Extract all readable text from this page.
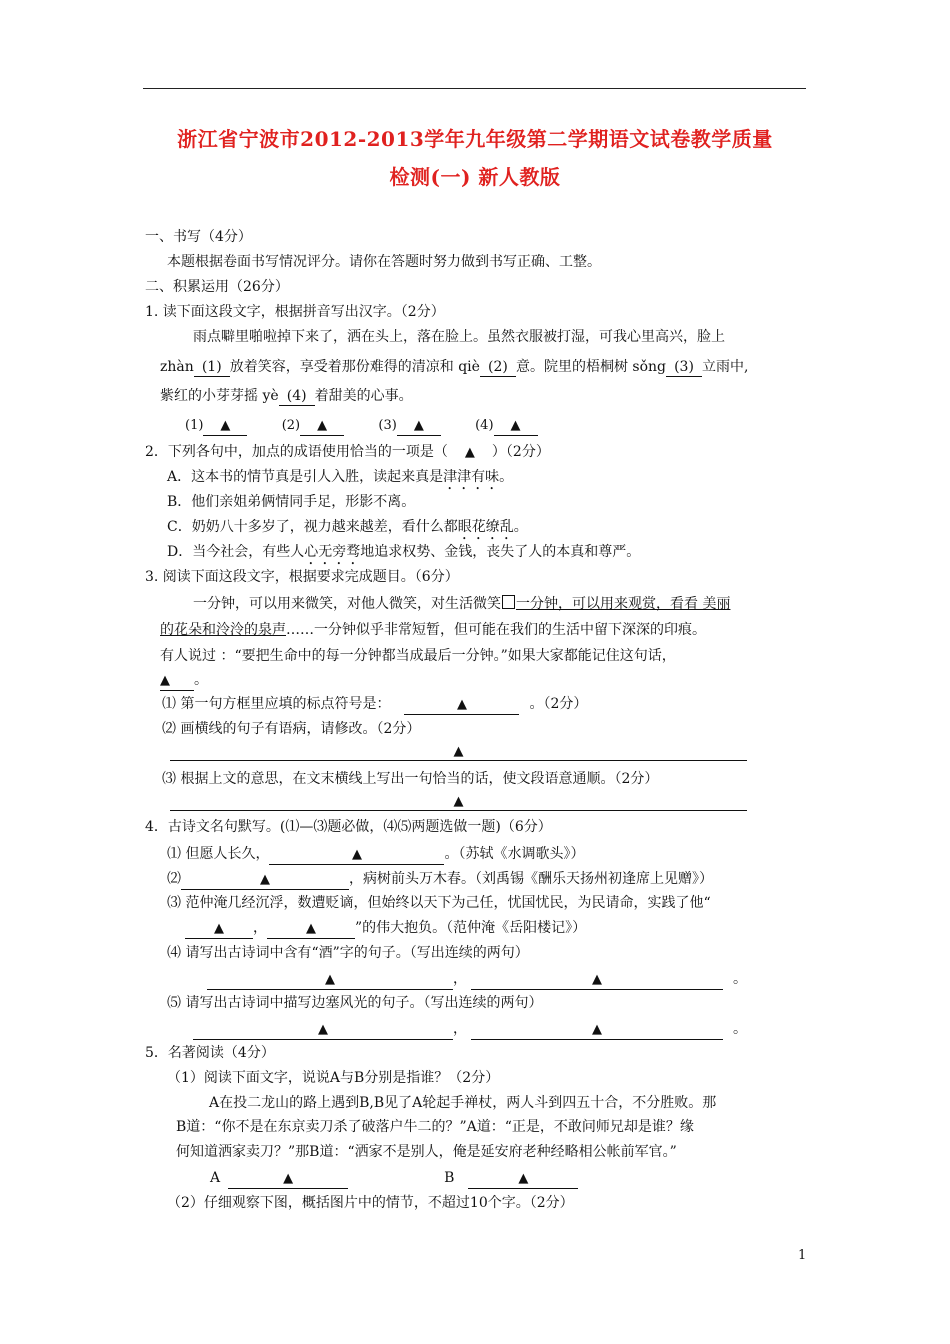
浙江省宁波市2012-2013学年九年级第二学期语文试卷教学质量
检测(一) 新人教版
一、书写（4分）
本题根据卷面书写情况评分。请你在答题时努力做到书写正确、工整。
二、积累运用（26分）
1. 读下面这段文字，根据拼音写出汉字。（2分）
雨点噼里啪啦掉下来了，洒在头上，落在脸上。虽然衣服被打湿，可我心里高兴，脸上
zhàn (1) 放着笑容，享受着那份难得的清凉和 qiè (2) 意。院里的梧桐树 sǒng (3) 立雨中,
紫红的小芽芽摇 yè (4) 着甜美的心事。
(1) ▲	(2) ▲	(3) ▲	(4) ▲
2．下列各句中，加点的成语使用恰当的一项是（ ▲ ）（2分）
A．这本书的情节真是引人入胜，读起来真是津津有味。
B．他们亲姐弟俩情同手足，形影不离。
C．奶奶八十多岁了，视力越来越差，看什么都眼花缭乱。
D．当今社会，有些人心无旁骛地追求权势、金钱，丧失了人的本真和尊严。
3. 阅读下面这段文字，根据要求完成题目。（6分）
一分钟，可以用来微笑，对他人微笑，对生活微笑 一分钟，可以用来观赏，看看 美丽
的花朵和泠泠的泉声……一分钟似乎非常短暂，但可能在我们的生活中留下深深的印痕。
有人说过 ：“要把生命中的每一分钟都当成最后一分钟。”如果大家都能记住这句话，
▲ 。
⑴ 第一句方框里应填的标点符号是：	▲	。（2分）
⑵ 画横线的句子有语病，请修改。（2分）
▲
⑶ 根据上文的意思，在文末横线上写出一句恰当的话，使文段语意通顺。（2分）
▲
4．古诗文名句默写。(⑴—⑶题必做，⑷⑸两题选做一题)（6分）
⑴ 但愿人长久，	▲	。（苏轼《水调歌头》）
⑵	▲	，病树前头万木春。（刘禹锡《酬乐天扬州初逢席上见赠》）
⑶ 范仲淹几经沉浮，数遭贬谪，但始终以天下为己任，忧国忧民，为民请命，实践了他“
▲ ，	▲	”的伟大抱负。（范仲淹《岳阳楼记》）
⑷ 请写出古诗词中含有“酒”字的句子。（写出连续的两句）
▲	，	▲	。
⑸ 请写出古诗词中描写边塞风光的句子。（写出连续的两句）
▲	，	▲	。
5．名著阅读（4分）
（1）阅读下面文字，说说A与B分别是指谁？（2分）
A在投二龙山的路上遇到B,B见了A轮起手禅杖，两人斗到四五十合，不分胜败。那
B道：“你不是在东京卖刀杀了破落户牛二的？”A道：“正是，不敢问师兄却是谁？缘
何知道洒家卖刀？”那B道：“洒家不是别人，俺是延安府老种经略相公帐前军官。”
A	▲	B	▲
（2）仔细观察下图，概括图片中的情节，不超过10个字。（2分）
1
